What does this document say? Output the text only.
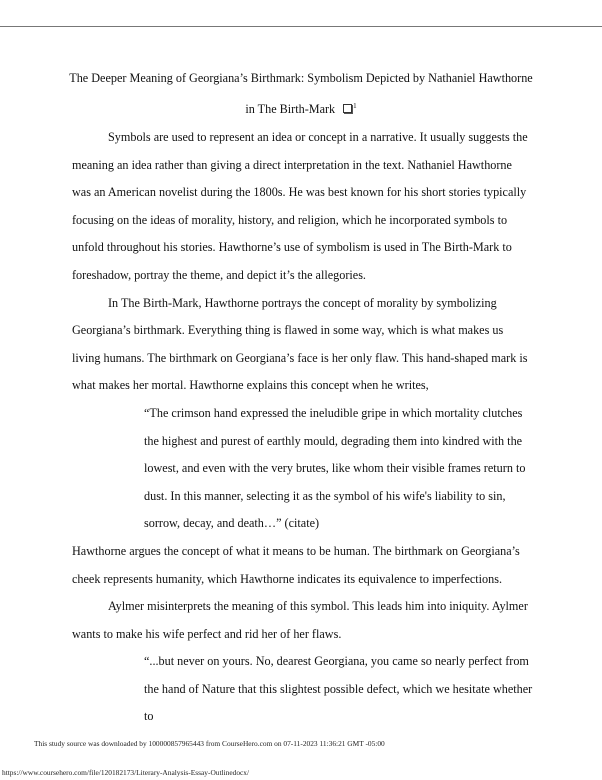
The Deeper Meaning of Georgiana’s Birthmark: Symbolism Depicted by Nathaniel Hawthorne
in The Birth-Mark	$^1$

Symbols are used to represent an idea or concept in a narrative. It usually suggests the meaning an idea rather than giving a direct interpretation in the text. Nathaniel Hawthorne was an American novelist during the 1800s. He was best known for his short stories typically focusing on the ideas of morality, history, and religion, which he incorporated symbols to unfold throughout his stories. Hawthorne’s use of symbolism is used in The Birth-Mark to foreshadow, portray the theme, and depict it’s the allegories.

In The Birth-Mark, Hawthorne portrays the concept of morality by symbolizing Georgiana’s birthmark. Everything thing is flawed in some way, which is what makes us living humans. The birthmark on Georgiana’s face is her only flaw. This hand-shaped mark is what makes her mortal. Hawthorne explains this concept when he writes,

“The crimson hand expressed the ineludible gripe in which mortality clutches the highest and purest of earthly mould, degrading them into kindred with the lowest, and even with the very brutes, like whom their visible frames return to dust. In this manner, selecting it as the symbol of his wife's liability to sin, sorrow, decay, and death…” (citate)

Hawthorne argues the concept of what it means to be human. The birthmark on Georgiana’s cheek represents humanity, which Hawthorne indicates its equivalence to imperfections.

Aylmer misinterprets the meaning of this symbol. This leads him into iniquity. Aylmer wants to make his wife perfect and rid her of her flaws.

“...but never on yours. No, dearest Georgiana, you came so nearly perfect from the hand of Nature that this slightest possible defect, which we hesitate whether to

This study source was downloaded by 100000857965443 from CourseHero.com on 07-11-2023 11:36:21 GMT -05:00
https://www.coursehero.com/file/120182173/Literary-Analysis-Essay-Outlinedocx/
